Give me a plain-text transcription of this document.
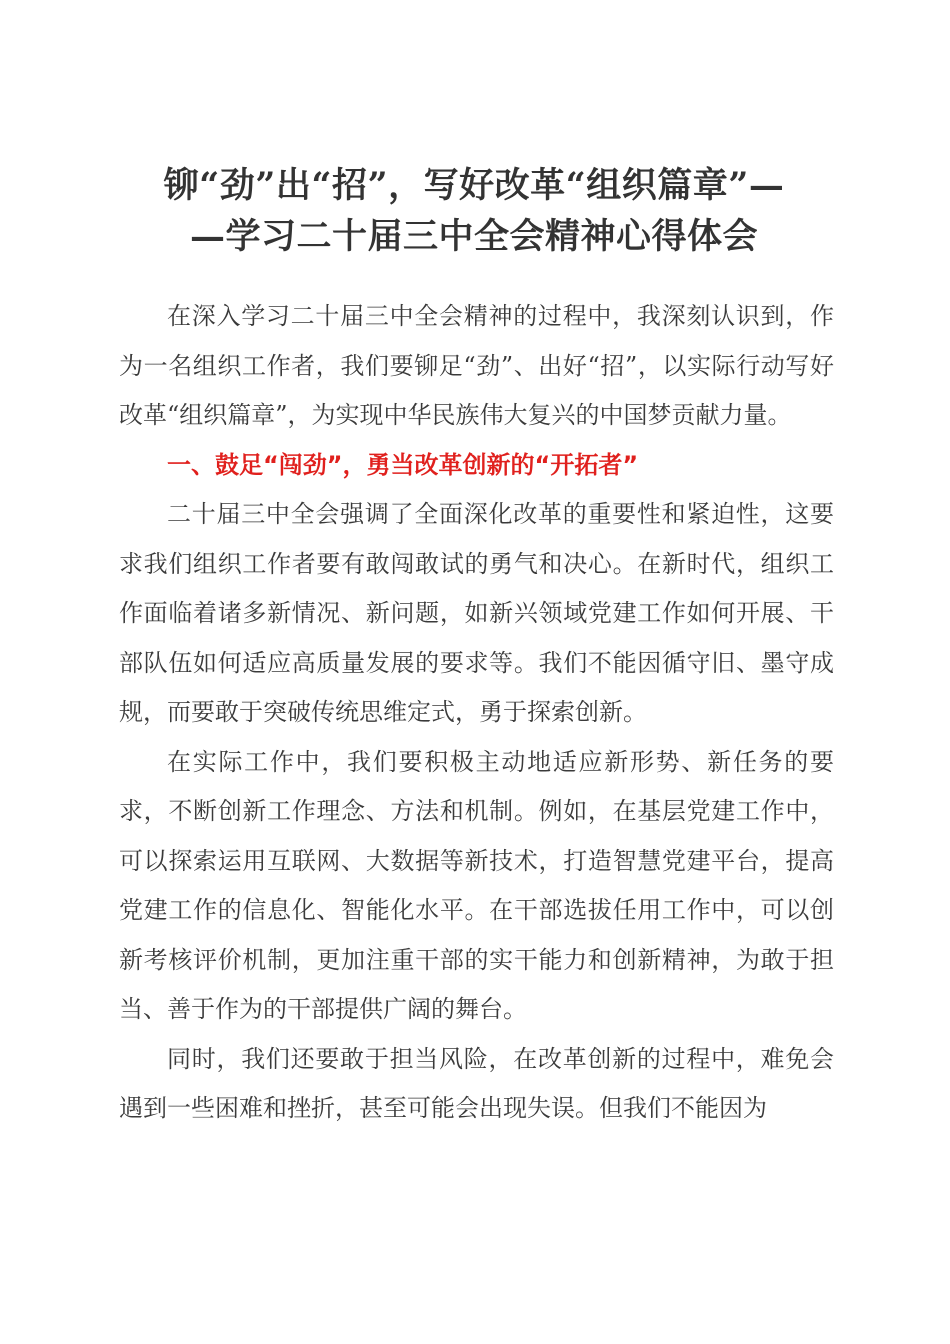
铆“劲”出“招”，写好改革“组织篇章”—
—学习二十届三中全会精神心得体会

在深入学习二十届三中全会精神的过程中，我深刻认识到，作为一名组织工作者，我们要铆足“劲”、出好“招”，以实际行动写好改革“组织篇章”，为实现中华民族伟大复兴的中国梦贡献力量。

一、鼓足“闯劲”，勇当改革创新的“开拓者”

二十届三中全会强调了全面深化改革的重要性和紧迫性，这要求我们组织工作者要有敢闯敢试的勇气和决心。在新时代，组织工作面临着诸多新情况、新问题，如新兴领域党建工作如何开展、干部队伍如何适应高质量发展的要求等。我们不能因循守旧、墨守成规，而要敢于突破传统思维定式，勇于探索创新。

在实际工作中，我们要积极主动地适应新形势、新任务的要求，不断创新工作理念、方法和机制。例如，在基层党建工作中，可以探索运用互联网、大数据等新技术，打造智慧党建平台，提高党建工作的信息化、智能化水平。在干部选拔任用工作中，可以创新考核评价机制，更加注重干部的实干能力和创新精神，为敢于担当、善于作为的干部提供广阔的舞台。

同时，我们还要敢于担当风险，在改革创新的过程中，难免会遇到一些困难和挫折，甚至可能会出现失误。但我们不能因为
